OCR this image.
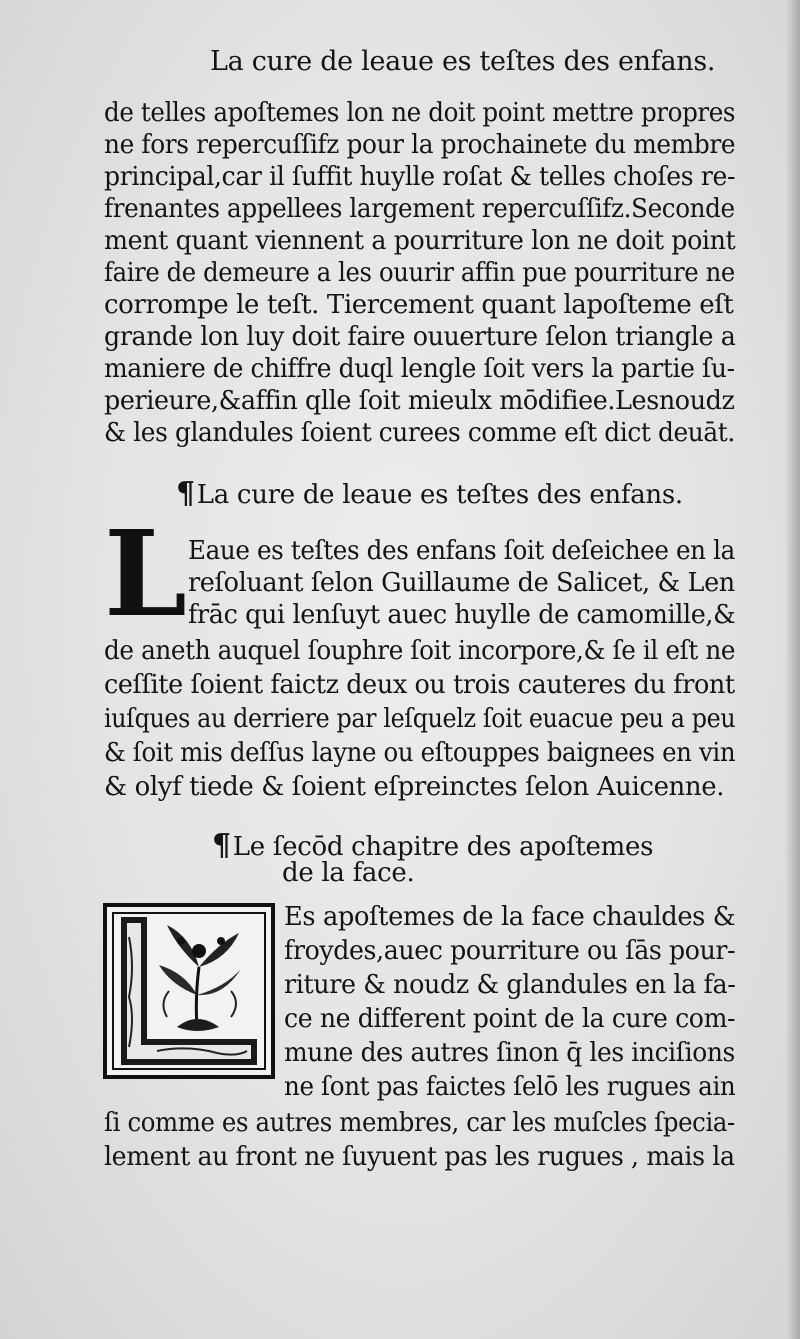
La cure de leaue es teſtes des enfans.
de telles apoſtemes lon ne doit point mettre propres
ne fors repercuſſifz pour la prochainete du membre
principal,car il ſuffit huylle roſat & telles choſes re-
frenantes appellees largement repercuſſifz.Seconde
ment quant viennent a pourriture lon ne doit point
faire de demeure a les ouurir affin pue pourriture ne
corrompe le teſt. Tiercement quant lapoſteme eſt
grande lon luy doit faire ouuerture ſelon triangle a
maniere de chiffre duql lengle ſoit vers la partie ſu-
perieure,&affin qlle ſoit mieulx mōdifiee.Lesnoudz
& les glandules ſoient curees comme eſt dict deuāt.
¶La cure de leaue es teſtes des enfans.
L Eaue es teſtes des enfans ſoit deſeichee en la
reſoluant ſelon Guillaume de Salicet, & Len
frāc qui lenſuyt auec huylle de camomille,&
de aneth auquel ſouphre ſoit incorpore,& ſe il eſt ne
ceſſite ſoient faictz deux ou trois cauteres du front
iuſques au derriere par leſquelz ſoit euacue peu a peu
& ſoit mis deſſus layne ou eſtouppes baignees en vin
& olyf tiede & ſoient eſpreinctes ſelon Auicenne.
¶Le ſecōd chapitre des apoſtemes
de la face.
Es apoſtemes de la face chauldes &
froydes,auec pourriture ou ſās pour-
riture & noudz & glandules en la fa-
ce ne different point de la cure com-
mune des autres ſinon q̄ les inciſions
ne ſont pas faictes ſelō les rugues ain
ſi comme es autres membres, car les muſcles ſpecia-
lement au front ne ſuyuent pas les rugues , mais la
